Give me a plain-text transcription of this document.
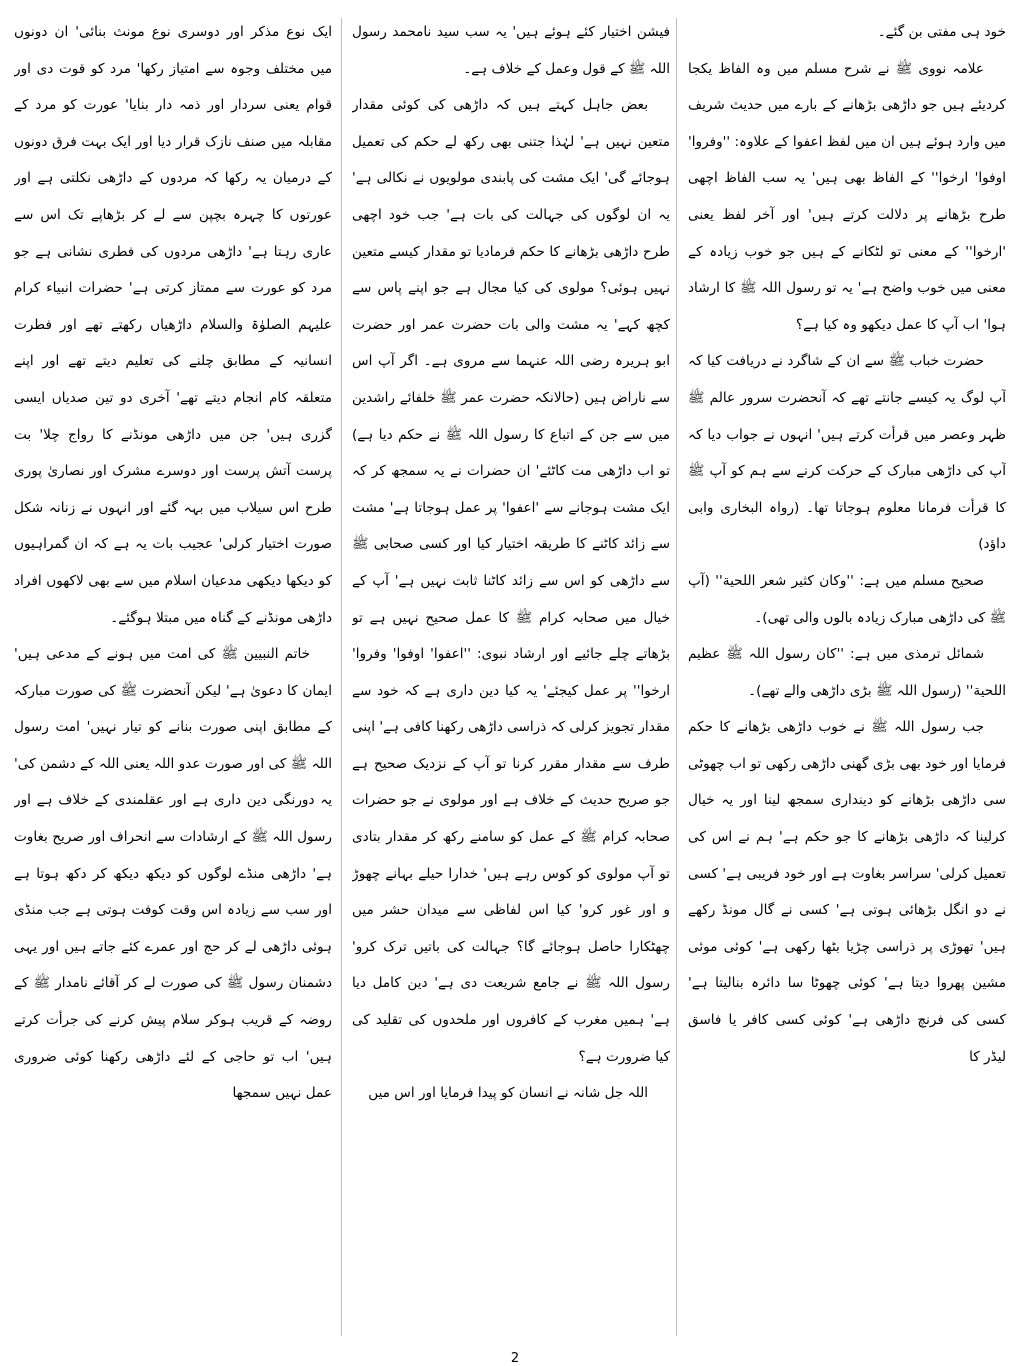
خود ہی مفتی بن گئے۔

علامہ نووی ﷺ نے شرح مسلم میں وہ الفاظ یکجا کردیئے ہیں جو داڑھی بڑھانے کے بارے میں حدیث شریف میں وارد ہوئے ہیں ان میں لفظ اعفوا کے علاوہ: ''وفروا' اوفوا' ارخوا'' کے الفاظ بھی ہیں' یہ سب الفاظ اچھی طرح بڑھانے پر دلالت کرتے ہیں' اور آخر لفظ یعنی 'ارخوا'' کے معنی تو لٹکانے کے ہیں جو خوب زیادہ کے معنی میں خوب واضح ہے' یہ تو رسول اللہ ﷺ کا ارشاد ہوا' اب آپ کا عمل دیکھو وہ کیا ہے؟

حضرت خباب ﷺ سے ان کے شاگرد نے دریافت کیا کہ آپ لوگ یہ کیسے جانتے تھے کہ آنحضرت سرور عالم ﷺ ظہر وعصر میں قرأت کرتے ہیں' انہوں نے جواب دیا کہ آپ کی داڑھی مبارک کے حرکت کرنے سے ہم کو آپ ﷺ کا قرأت فرمانا معلوم ہوجاتا تھا۔ (رواہ البخاری وابی داؤد)

صحیح مسلم میں ہے: ''وکان کثیر شعر اللحیة'' (آپ ﷺ کی داڑھی مبارک زیادہ بالوں والی تھی)۔

شمائل ترمذی میں ہے: ''کان رسول اللہ ﷺ عظیم اللحیة'' (رسول اللہ ﷺ بڑی داڑھی والے تھے)۔

جب رسول اللہ ﷺ نے خوب داڑھی بڑھانے کا حکم فرمایا اور خود بھی بڑی گھنی داڑھی رکھی تو اب چھوٹی سی داڑھی بڑھانے کو دینداری سمجھ لینا اور یہ خیال کرلینا کہ داڑھی بڑھانے کا جو حکم ہے' ہم نے اس کی تعمیل کرلی' سراسر بغاوت ہے اور خود فریبی ہے' کسی نے دو انگل بڑھائی ہوتی ہے' کسی نے گال مونڈ رکھے ہیں' تھوڑی پر ذراسی چڑیا بٹھا رکھی ہے' کوئی موئی مشین پھروا دیتا ہے' کوئی چھوٹا سا دائرہ بنالیتا ہے' کسی کی فرنچ داڑھی ہے' کوئی کسی کافر یا فاسق لیڈر کا

فیشن اختیار کئے ہوئے ہیں' یہ سب سید نامحمد رسول اللہ ﷺ کے قول وعمل کے خلاف ہے۔

بعض جاہل کہتے ہیں کہ داڑھی کی کوئی مقدار متعین نہیں ہے' لہٰذا جتنی بھی رکھ لے حکم کی تعمیل ہوجائے گی' ایک مشت کی پابندی مولویوں نے نکالی ہے' یہ ان لوگوں کی جہالت کی بات ہے' جب خود اچھی طرح داڑھی بڑھانے کا حکم فرمادیا تو مقدار کیسے متعین نہیں ہوئی؟ مولوی کی کیا مجال ہے جو اپنے پاس سے کچھ کہے' یہ مشت والی بات حضرت عمر اور حضرت ابو ہریرہ رضی اللہ عنہما سے مروی ہے۔ اگر آپ اس سے ناراض ہیں (حالانکہ حضرت عمر ﷺ خلفائے راشدین میں سے جن کے اتباع کا رسول اللہ ﷺ نے حکم دیا ہے) تو اب داڑھی مت کاٹئے' ان حضرات نے یہ سمجھ کر کہ ایک مشت ہوجانے سے 'اعفوا' پر عمل ہوجاتا ہے' مشت سے زائد کاٹنے کا طریقہ اختیار کیا اور کسی صحابی ﷺ سے داڑھی کو اس سے زائد کاٹنا ثابت نہیں ہے' آپ کے خیال میں صحابہ کرام ﷺ کا عمل صحیح نہیں ہے تو بڑھاتے چلے جائیے اور ارشاد نبوی: ''اعفوا' اوفوا' وفروا' ارخوا'' پر عمل کیجئے' یہ کیا دین داری ہے کہ خود سے مقدار تجویز کرلی کہ ذراسی داڑھی رکھنا کافی ہے' اپنی طرف سے مقدار مقرر کرنا تو آپ کے نزدیک صحیح ہے جو صریح حدیث کے خلاف ہے اور مولوی نے جو حضرات صحابہ کرام ﷺ کے عمل کو سامنے رکھ کر مقدار بتادی تو آپ مولوی کو کوس رہے ہیں' خدارا حیلے بہانے چھوڑ و اور غور کرو' کیا اس لفاظی سے میدان حشر میں چھٹکارا حاصل ہوجائے گا؟ جہالت کی باتیں ترک کرو' رسول اللہ ﷺ نے جامع شریعت دی ہے' دین کامل دیا ہے' ہمیں مغرب کے کافروں اور ملحدوں کی تقلید کی کیا ضرورت ہے؟

اللہ جل شانہ نے انسان کو پیدا فرمایا اور اس میں

ایک نوع مذکر اور دوسری نوع مونث بنائی' ان دونوں میں مختلف وجوہ سے امتیاز رکھا' مرد کو قوت دی اور قوام یعنی سردار اور ذمہ دار بنایا' عورت کو مرد کے مقابلہ میں صنف نازک قرار دیا اور ایک بہت فرق دونوں کے درمیان یہ رکھا کہ مردوں کے داڑھی نکلتی ہے اور عورتوں کا چہرہ بچپن سے لے کر بڑھاپے تک اس سے عاری رہتا ہے' داڑھی مردوں کی فطری نشانی ہے جو مرد کو عورت سے ممتاز کرتی ہے' حضرات انبیاء کرام علیہم الصلوٰۃ والسلام داڑھیاں رکھتے تھے اور فطرت انسانیہ کے مطابق چلنے کی تعلیم دیتے تھے اور اپنے متعلقہ کام انجام دیتے تھے' آخری دو تین صدیاں ایسی گزری ہیں' جن میں داڑھی مونڈنے کا رواج چلا' بت پرست آتش پرست اور دوسرے مشرک اور نصاریٰ پوری طرح اس سیلاب میں بہہ گئے اور انہوں نے زنانہ شکل صورت اختیار کرلی' عجیب بات یہ ہے کہ ان گمراہیوں کو دیکھا دیکھی مدعیان اسلام میں سے بھی لاکھوں افراد داڑھی مونڈنے کے گناہ میں مبتلا ہوگئے۔

خاتم النبیین ﷺ کی امت میں ہونے کے مدعی ہیں' ایمان کا دعویٰ ہے' لیکن آنحضرت ﷺ کی صورت مبارکہ کے مطابق اپنی صورت بنانے کو تیار نہیں' امت رسول اللہ ﷺ کی اور صورت عدو اللہ یعنی اللہ کے دشمن کی' یہ دورنگی دین داری ہے اور عقلمندی کے خلاف ہے اور رسول اللہ ﷺ کے ارشادات سے انحراف اور صریح بغاوت ہے' داڑھی منڈے لوگوں کو دیکھ دیکھ کر دکھ ہوتا ہے اور سب سے زیادہ اس وقت کوفت ہوتی ہے جب منڈی ہوئی داڑھی لے کر حج اور عمرے کئے جاتے ہیں اور یہی دشمنان رسول ﷺ کی صورت لے کر آقائے نامدار ﷺ کے روضہ کے قریب ہوکر سلام پیش کرنے کی جرأت کرتے ہیں' اب تو حاجی کے لئے داڑھی رکھنا کوئی ضروری عمل نہیں سمجھا

2
